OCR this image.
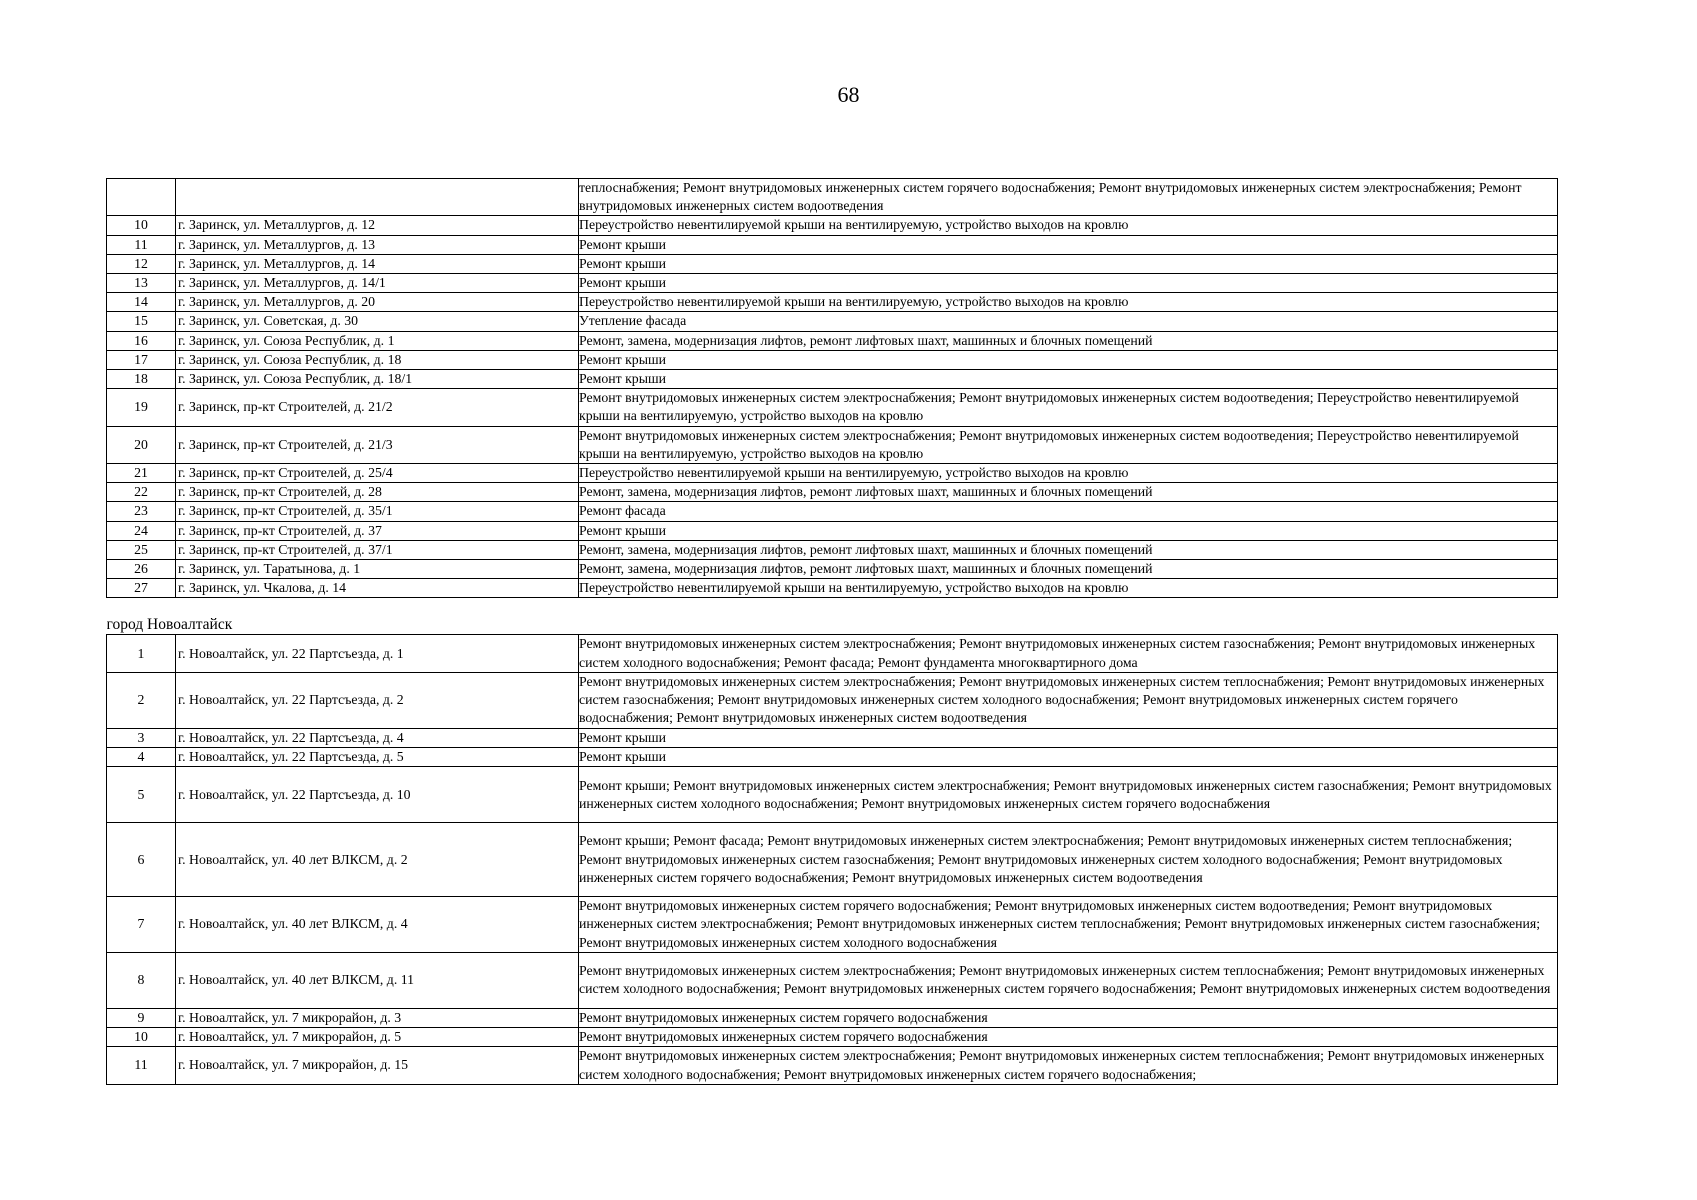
68
		теплоснабжения; Ремонт внутридомовых инженерных систем горячего водоснабжения; Ремонт внутридомовых инженерных систем электроснабжения; Ремонт внутридомовых инженерных систем водоотведения
10	г. Заринск, ул. Металлургов, д. 12	Переустройство невентилируемой крыши на вентилируемую, устройство выходов на кровлю
11	г. Заринск, ул. Металлургов, д. 13	Ремонт крыши
12	г. Заринск, ул. Металлургов, д. 14	Ремонт крыши
13	г. Заринск, ул. Металлургов, д. 14/1	Ремонт крыши
14	г. Заринск, ул. Металлургов, д. 20	Переустройство невентилируемой крыши на вентилируемую, устройство выходов на кровлю
15	г. Заринск, ул. Советская, д. 30	Утепление фасада
16	г. Заринск, ул. Союза Республик, д. 1	Ремонт, замена, модернизация лифтов, ремонт лифтовых шахт, машинных и блочных помещений
17	г. Заринск, ул. Союза Республик, д. 18	Ремонт крыши
18	г. Заринск, ул. Союза Республик, д. 18/1	Ремонт крыши
19	г. Заринск, пр-кт Строителей, д. 21/2	Ремонт внутридомовых инженерных систем электроснабжения; Ремонт внутридомовых инженерных систем водоотведения; Переустройство невентилируемой крыши на вентилируемую, устройство выходов на кровлю
20	г. Заринск, пр-кт Строителей, д. 21/3	Ремонт внутридомовых инженерных систем электроснабжения; Ремонт внутридомовых инженерных систем водоотведения; Переустройство невентилируемой крыши на вентилируемую, устройство выходов на кровлю
21	г. Заринск, пр-кт Строителей, д. 25/4	Переустройство невентилируемой крыши на вентилируемую, устройство выходов на кровлю
22	г. Заринск, пр-кт Строителей, д. 28	Ремонт, замена, модернизация лифтов, ремонт лифтовых шахт, машинных и блочных помещений
23	г. Заринск, пр-кт Строителей, д. 35/1	Ремонт фасада
24	г. Заринск, пр-кт Строителей, д. 37	Ремонт крыши
25	г. Заринск, пр-кт Строителей, д. 37/1	Ремонт, замена, модернизация лифтов, ремонт лифтовых шахт, машинных и блочных помещений
26	г. Заринск, ул. Таратынова, д. 1	Ремонт, замена, модернизация лифтов, ремонт лифтовых шахт, машинных и блочных помещений
27	г. Заринск, ул. Чкалова, д. 14	Переустройство невентилируемой крыши на вентилируемую, устройство выходов на кровлю
город Новоалтайск		
1	г. Новоалтайск, ул. 22 Партсъезда, д. 1	Ремонт внутридомовых инженерных систем электроснабжения; Ремонт внутридомовых инженерных систем газоснабжения; Ремонт внутридомовых инженерных систем холодного водоснабжения; Ремонт фасада; Ремонт фундамента многоквартирного дома
2	г. Новоалтайск, ул. 22 Партсъезда, д. 2	Ремонт внутридомовых инженерных систем электроснабжения; Ремонт внутридомовых инженерных систем теплоснабжения; Ремонт внутридомовых инженерных систем газоснабжения; Ремонт внутридомовых инженерных систем холодного водоснабжения; Ремонт внутридомовых инженерных систем горячего водоснабжения; Ремонт внутридомовых инженерных систем водоотведения
3	г. Новоалтайск, ул. 22 Партсъезда, д. 4	Ремонт крыши
4	г. Новоалтайск, ул. 22 Партсъезда, д. 5	Ремонт крыши
5	г. Новоалтайск, ул. 22 Партсъезда, д. 10	Ремонт крыши; Ремонт внутридомовых инженерных систем электроснабжения; Ремонт внутридомовых инженерных систем газоснабжения; Ремонт внутридомовых инженерных систем холодного водоснабжения; Ремонт внутридомовых инженерных систем горячего водоснабжения
6	г. Новоалтайск, ул. 40 лет ВЛКСМ, д. 2	Ремонт крыши; Ремонт фасада; Ремонт внутридомовых инженерных систем электроснабжения; Ремонт внутридомовых инженерных систем теплоснабжения; Ремонт внутридомовых инженерных систем газоснабжения; Ремонт внутридомовых инженерных систем холодного водоснабжения; Ремонт внутридомовых инженерных систем горячего водоснабжения; Ремонт внутридомовых инженерных систем водоотведения
7	г. Новоалтайск, ул. 40 лет ВЛКСМ, д. 4	Ремонт внутридомовых инженерных систем горячего водоснабжения; Ремонт внутридомовых инженерных систем водоотведения; Ремонт внутридомовых инженерных систем электроснабжения; Ремонт внутридомовых инженерных систем теплоснабжения; Ремонт внутридомовых инженерных систем газоснабжения; Ремонт внутридомовых инженерных систем холодного водоснабжения
8	г. Новоалтайск, ул. 40 лет ВЛКСМ, д. 11	Ремонт внутридомовых инженерных систем электроснабжения; Ремонт внутридомовых инженерных систем теплоснабжения; Ремонт внутридомовых инженерных систем холодного водоснабжения; Ремонт внутридомовых инженерных систем горячего водоснабжения; Ремонт внутридомовых инженерных систем водоотведения
9	г. Новоалтайск, ул. 7 микрорайон, д. 3	Ремонт внутридомовых инженерных систем горячего водоснабжения
10	г. Новоалтайск, ул. 7 микрорайон, д. 5	Ремонт внутридомовых инженерных систем горячего водоснабжения
11	г. Новоалтайск, ул. 7 микрорайон, д. 15	Ремонт внутридомовых инженерных систем электроснабжения; Ремонт внутридомовых инженерных систем теплоснабжения; Ремонт внутридомовых инженерных систем холодного водоснабжения; Ремонт внутридомовых инженерных систем горячего водоснабжения;
